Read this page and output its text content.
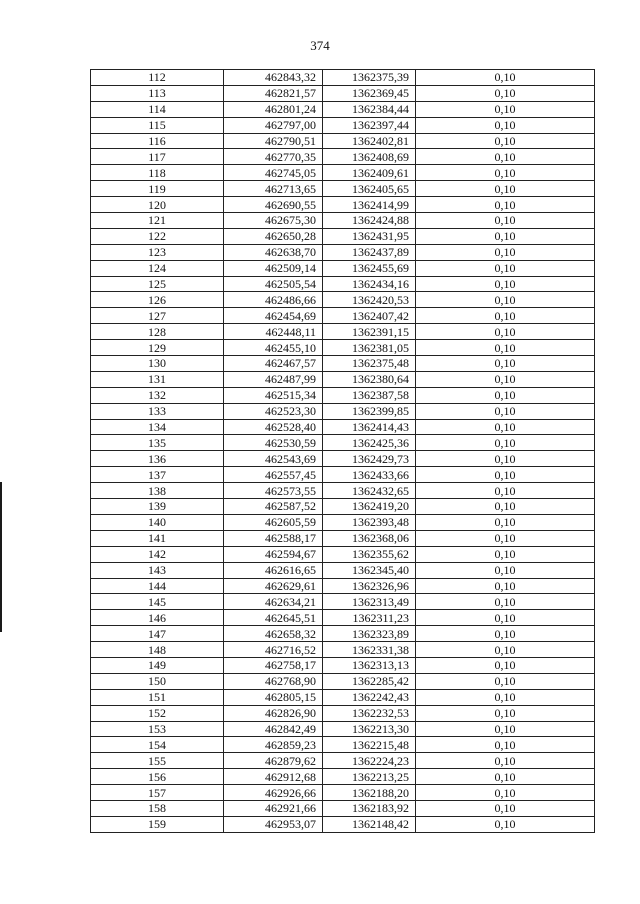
374
112	462843,32	1362375,39	0,10
113	462821,57	1362369,45	0,10
114	462801,24	1362384,44	0,10
115	462797,00	1362397,44	0,10
116	462790,51	1362402,81	0,10
117	462770,35	1362408,69	0,10
118	462745,05	1362409,61	0,10
119	462713,65	1362405,65	0,10
120	462690,55	1362414,99	0,10
121	462675,30	1362424,88	0,10
122	462650,28	1362431,95	0,10
123	462638,70	1362437,89	0,10
124	462509,14	1362455,69	0,10
125	462505,54	1362434,16	0,10
126	462486,66	1362420,53	0,10
127	462454,69	1362407,42	0,10
128	462448,11	1362391,15	0,10
129	462455,10	1362381,05	0,10
130	462467,57	1362375,48	0,10
131	462487,99	1362380,64	0,10
132	462515,34	1362387,58	0,10
133	462523,30	1362399,85	0,10
134	462528,40	1362414,43	0,10
135	462530,59	1362425,36	0,10
136	462543,69	1362429,73	0,10
137	462557,45	1362433,66	0,10
138	462573,55	1362432,65	0,10
139	462587,52	1362419,20	0,10
140	462605,59	1362393,48	0,10
141	462588,17	1362368,06	0,10
142	462594,67	1362355,62	0,10
143	462616,65	1362345,40	0,10
144	462629,61	1362326,96	0,10
145	462634,21	1362313,49	0,10
146	462645,51	1362311,23	0,10
147	462658,32	1362323,89	0,10
148	462716,52	1362331,38	0,10
149	462758,17	1362313,13	0,10
150	462768,90	1362285,42	0,10
151	462805,15	1362242,43	0,10
152	462826,90	1362232,53	0,10
153	462842,49	1362213,30	0,10
154	462859,23	1362215,48	0,10
155	462879,62	1362224,23	0,10
156	462912,68	1362213,25	0,10
157	462926,66	1362188,20	0,10
158	462921,66	1362183,92	0,10
159	462953,07	1362148,42	0,10
